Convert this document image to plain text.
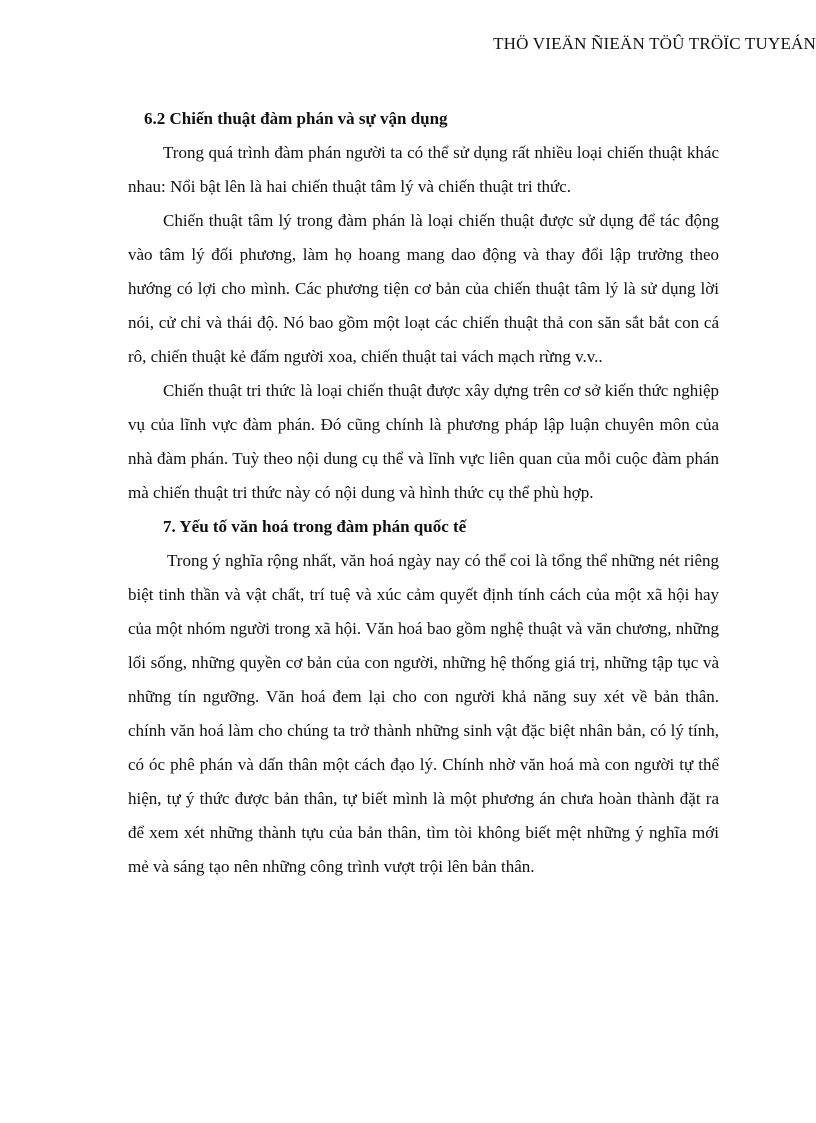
THÖ VIEÄN ÑIEÄN TÖÛ TRÖÏC TUYEÁN

6.2 Chiến thuật đàm phán và sự vận dụng

Trong quá trình đàm phán người ta có thể sử dụng rất nhiều loại chiến thuật khác nhau: Nổi bật lên là hai chiến thuật tâm lý và chiến thuật tri thức.

Chiến thuật tâm lý trong đàm phán là loại chiến thuật được sử dụng để tác động vào tâm lý đối phương, làm họ hoang mang dao động và thay đổi lập trường theo hướng có lợi cho mình. Các phương tiện cơ bản của chiến thuật tâm lý là sử dụng lời nói, cử chỉ và thái độ. Nó bao gồm một loạt các chiến thuật thả con săn sắt bắt con cá rô, chiến thuật kẻ đấm người xoa, chiến thuật tai vách mạch rừng v.v..

Chiến thuật tri thức là loại chiến thuật được xây dựng trên cơ sở kiến thức nghiệp vụ của lĩnh vực đàm phán. Đó cũng chính là phương pháp lập luận chuyên môn của nhà đàm phán. Tuỳ theo nội dung cụ thể và lĩnh vực liên quan của mỗi cuộc đàm phán mà chiến thuật tri thức này có nội dung và hình thức cụ thể phù hợp.

7. Yếu tố văn hoá trong đàm phán quốc tế

Trong ý nghĩa rộng nhất, văn hoá ngày nay có thể coi là tổng thể những nét riêng biệt tinh thần và vật chất, trí tuệ và xúc cảm quyết định tính cách của một xã hội hay của một nhóm người trong xã hội. Văn hoá bao gồm nghệ thuật và văn chương, những lối sống, những quyền cơ bản của con người, những hệ thống giá trị, những tập tục và những tín ngưỡng. Văn hoá đem lại cho con người khả năng suy xét về bản thân. chính văn hoá làm cho chúng ta trở thành những sinh vật đặc biệt nhân bản, có lý tính, có óc phê phán và dấn thân một cách đạo lý. Chính nhờ văn hoá mà con người tự thể hiện, tự ý thức được bản thân, tự biết mình là một phương án chưa hoàn thành đặt ra để xem xét những thành tựu của bản thân, tìm tòi không biết mệt những ý nghĩa mới mẻ và sáng tạo nên những công trình vượt trội lên bản thân.
